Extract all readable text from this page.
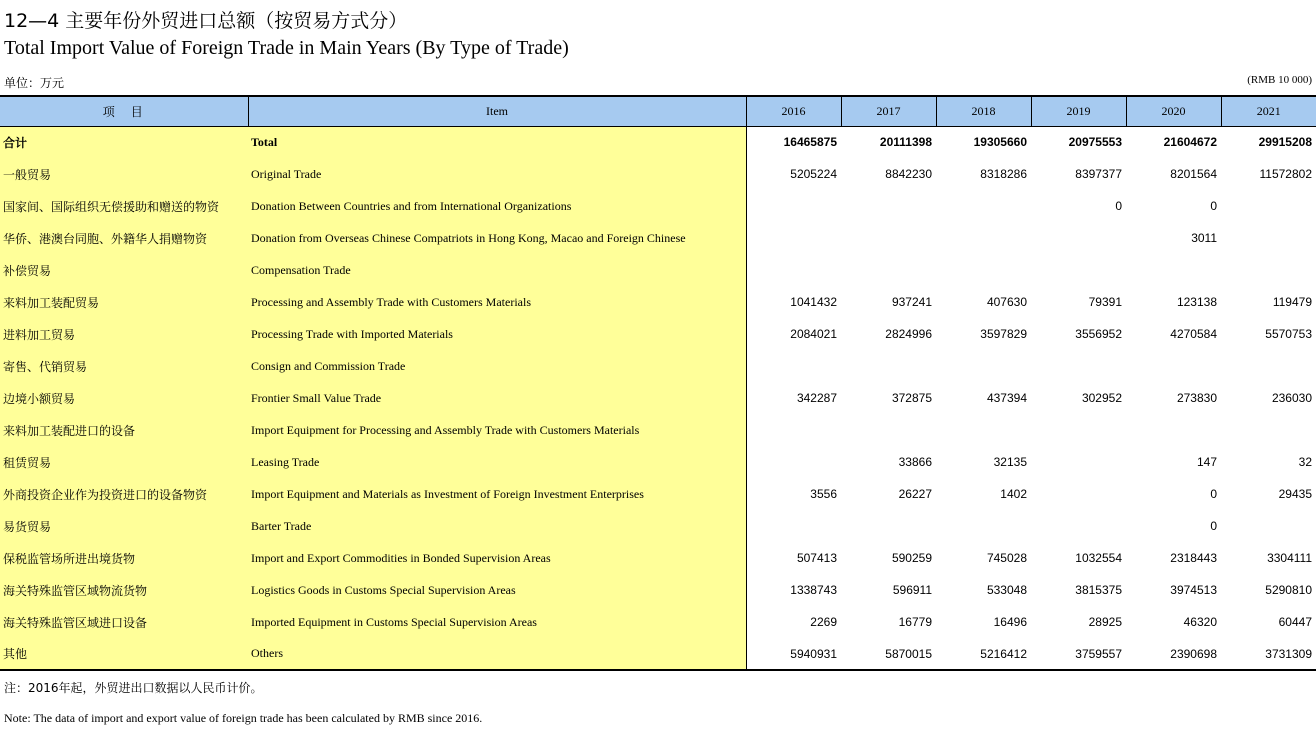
12—4 主要年份外贸进口总额（按贸易方式分）
Total Import Value of Foreign Trade in Main Years (By Type of Trade)
单位：万元	(RMB 10 000)
项　目	Item	2016	2017	2018	2019	2020	2021
合计	Total	16465875	20111398	19305660	20975553	21604672	29915208
一般贸易	Original Trade	5205224	8842230	8318286	8397377	8201564	11572802
国家间、国际组织无偿援助和赠送的物资	Donation Between Countries and from International Organizations				0	0	
华侨、港澳台同胞、外籍华人捐赠物资	Donation from Overseas Chinese Compatriots in Hong Kong, Macao and Foreign Chinese					3011	
补偿贸易	Compensation Trade						
来料加工装配贸易	Processing and Assembly Trade with Customers Materials	1041432	937241	407630	79391	123138	119479
进料加工贸易	Processing Trade with Imported Materials	2084021	2824996	3597829	3556952	4270584	5570753
寄售、代销贸易	Consign and Commission Trade						
边境小额贸易	Frontier Small Value Trade	342287	372875	437394	302952	273830	236030
来料加工装配进口的设备	Import Equipment for Processing and Assembly Trade with Customers Materials						
租赁贸易	Leasing Trade		33866	32135		147	32
外商投资企业作为投资进口的设备物资	Import Equipment and Materials as Investment of Foreign Investment Enterprises	3556	26227	1402		0	29435
易货贸易	Barter Trade					0	
保税监管场所进出境货物	Import and Export Commodities in Bonded Supervision Areas	507413	590259	745028	1032554	2318443	3304111
海关特殊监管区域物流货物	Logistics Goods in Customs Special Supervision Areas	1338743	596911	533048	3815375	3974513	5290810
海关特殊监管区域进口设备	Imported Equipment in Customs Special Supervision Areas	2269	16779	16496	28925	46320	60447
其他	Others	5940931	5870015	5216412	3759557	2390698	3731309
注：2016年起，外贸进出口数据以人民币计价。
Note: The data of import and export value of foreign trade has been calculated by RMB since 2016.
